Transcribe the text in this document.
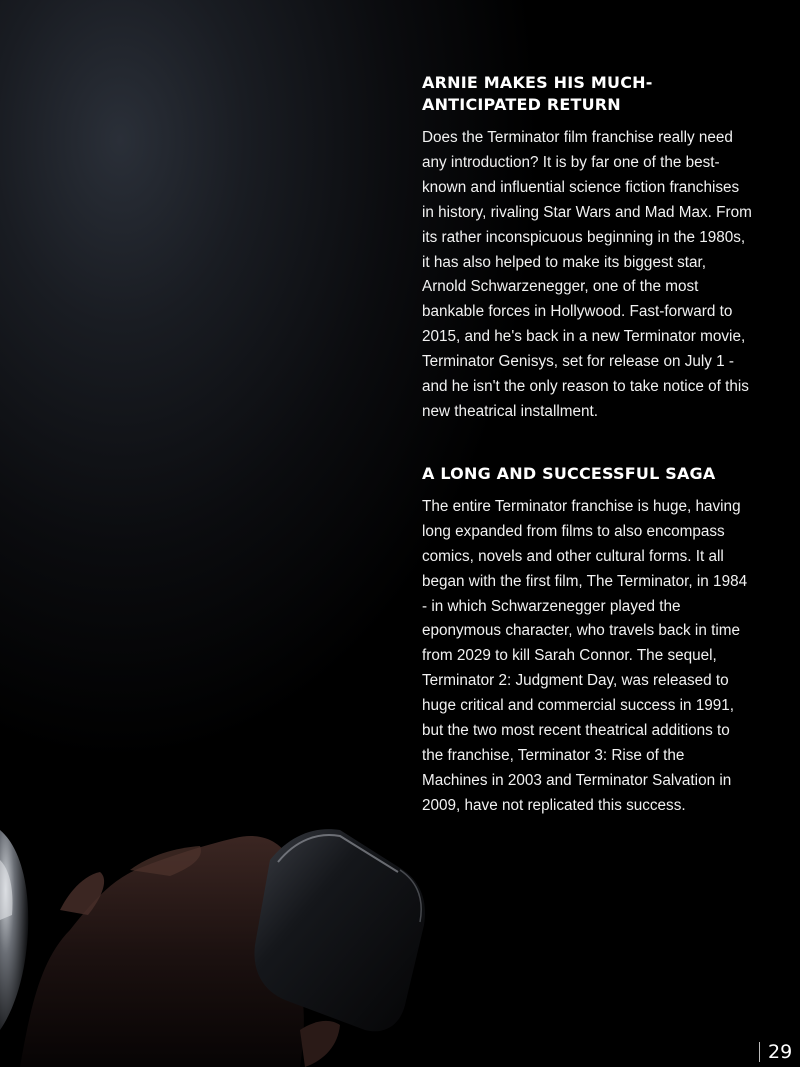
ARNIE MAKES HIS MUCH-ANTICIPATED RETURN

Does the Terminator film franchise really need any introduction? It is by far one of the best-known and influential science fiction franchises in history, rivaling Star Wars and Mad Max. From its rather inconspicuous beginning in the 1980s, it has also helped to make its biggest star, Arnold Schwarzenegger, one of the most bankable forces in Hollywood. Fast-forward to 2015, and he's back in a new Terminator movie, Terminator Genisys, set for release on July 1 - and he isn't the only reason to take notice of this new theatrical installment.

A LONG AND SUCCESSFUL SAGA

The entire Terminator franchise is huge, having long expanded from films to also encompass comics, novels and other cultural forms. It all began with the first film, The Terminator, in 1984 - in which Schwarzenegger played the eponymous character, who travels back in time from 2029 to kill Sarah Connor. The sequel, Terminator 2: Judgment Day, was released to huge critical and commercial success in 1991, but the two most recent theatrical additions to the franchise, Terminator 3: Rise of the Machines in 2003 and Terminator Salvation in 2009, have not replicated this success.

29
